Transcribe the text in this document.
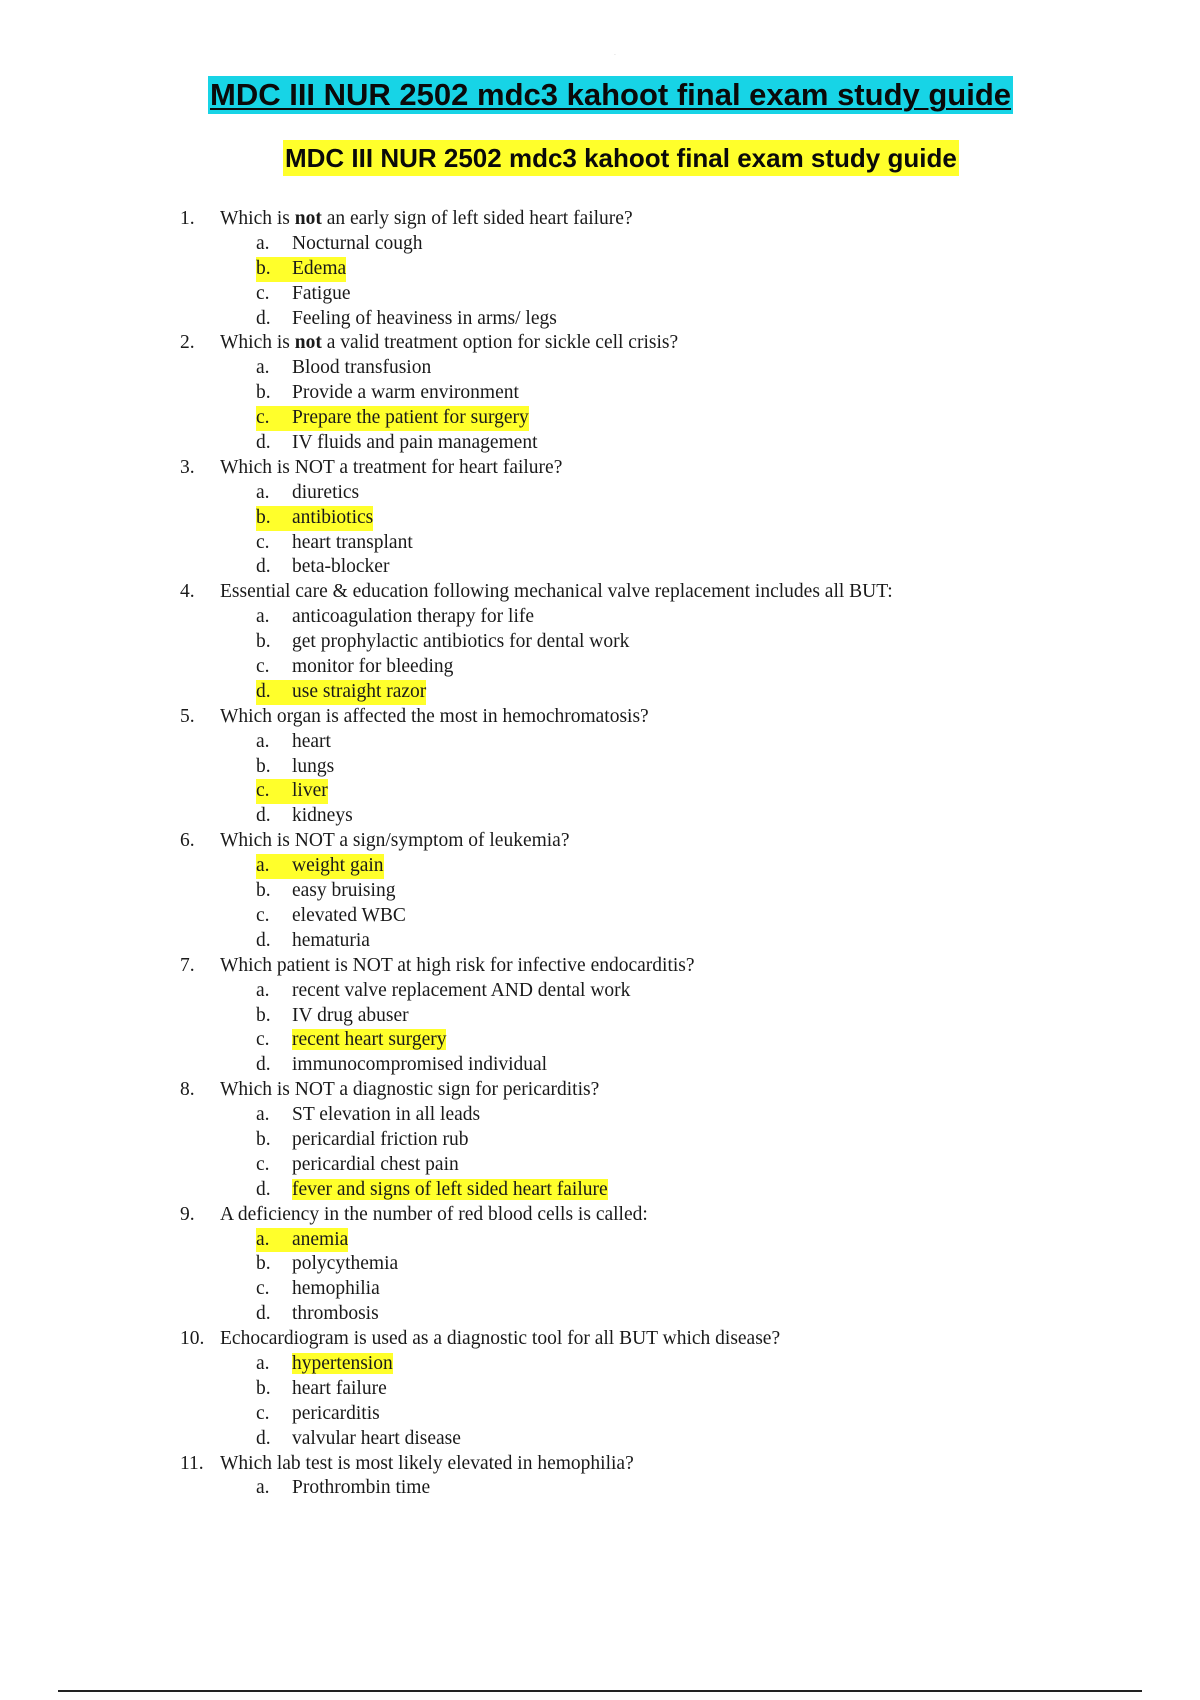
.
MDC III NUR 2502 mdc3 kahoot final exam study guide
MDC III NUR 2502 mdc3 kahoot final exam study guide
1.	Which is not an early sign of left sided heart failure?
a. Nocturnal cough
b. Edema
c. Fatigue
d. Feeling of heaviness in arms/ legs
2.	Which is not a valid treatment option for sickle cell crisis?
a. Blood transfusion
b. Provide a warm environment
c. Prepare the patient for surgery
d. IV fluids and pain management
3.	Which is NOT a treatment for heart failure?
a. diuretics
b. antibiotics
c. heart transplant
d. beta-blocker
4.	Essential care & education following mechanical valve replacement includes all BUT:
a. anticoagulation therapy for life
b. get prophylactic antibiotics for dental work
c. monitor for bleeding
d. use straight razor
5.	Which organ is affected the most in hemochromatosis?
a. heart
b. lungs
c. liver
d. kidneys
6.	Which is NOT a sign/symptom of leukemia?
a. weight gain
b. easy bruising
c. elevated WBC
d. hematuria
7.	Which patient is NOT at high risk for infective endocarditis?
a. recent valve replacement AND dental work
b. IV drug abuser
c. recent heart surgery
d. immunocompromised individual
8.	Which is NOT a diagnostic sign for pericarditis?
a. ST elevation in all leads
b. pericardial friction rub
c. pericardial chest pain
d. fever and signs of left sided heart failure
9.	A deficiency in the number of red blood cells is called:
a. anemia
b. polycythemia
c. hemophilia
d. thrombosis
10. Echocardiogram is used as a diagnostic tool for all BUT which disease?
a. hypertension
b. heart failure
c. pericarditis
d. valvular heart disease
11. Which lab test is most likely elevated in hemophilia?
a. Prothrombin time
